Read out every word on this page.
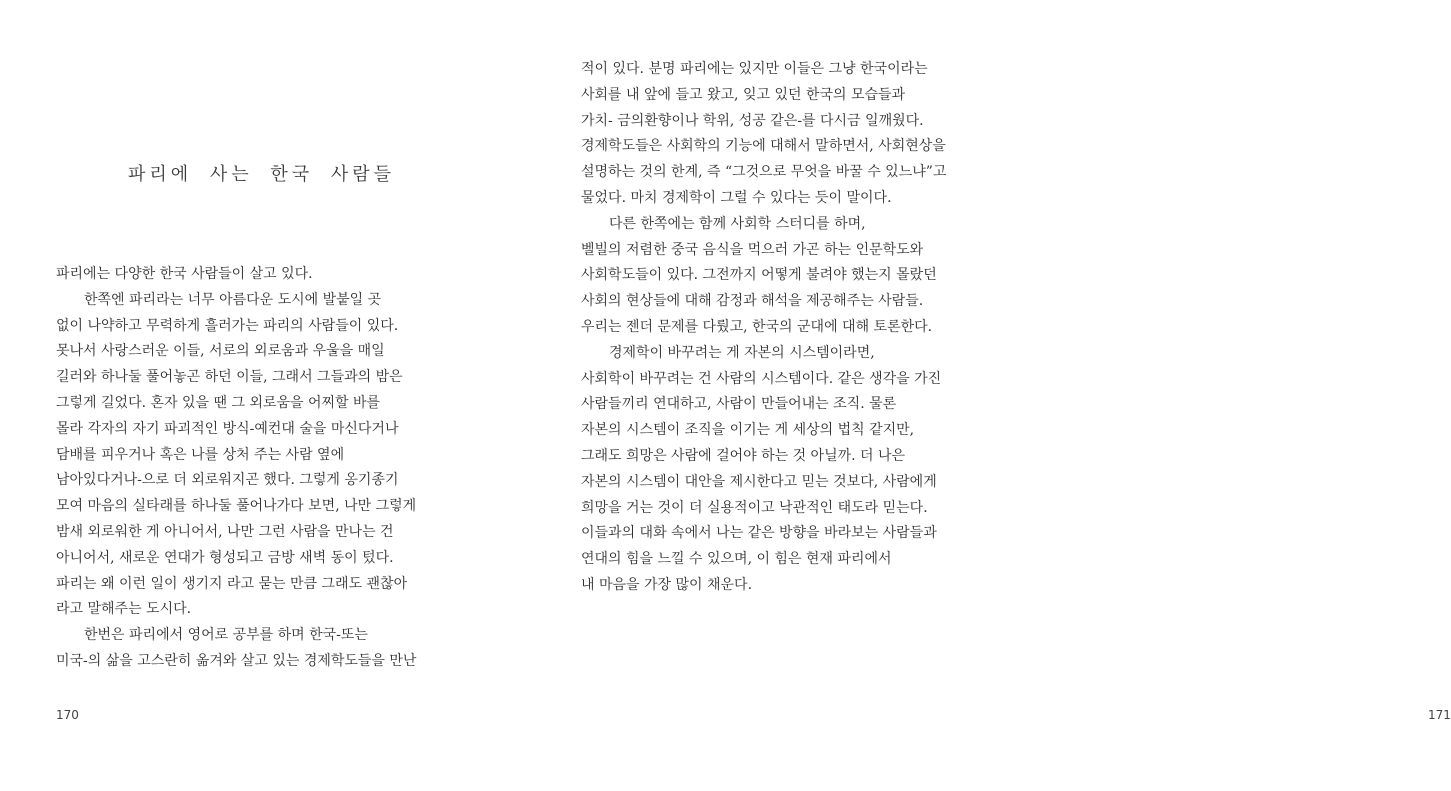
파리에 사는 한국 사람들
파리에는 다양한 한국 사람들이 살고 있다.
한쪽엔 파리라는 너무 아름다운 도시에 발붙일 곳
없이 나약하고 무력하게 흘러가는 파리의 사람들이 있다.
못나서 사랑스러운 이들, 서로의 외로움과 우울을 매일
길러와 하나둘 풀어놓곤 하던 이들, 그래서 그들과의 밤은
그렇게 길었다. 혼자 있을 땐 그 외로움을 어찌할 바를
몰라 각자의 자기 파괴적인 방식-예컨대 술을 마신다거나
담배를 피우거나 혹은 나를 상처 주는 사람 옆에
남아있다거나-으로 더 외로워지곤 했다. 그렇게 옹기종기
모여 마음의 실타래를 하나둘 풀어나가다 보면, 나만 그렇게
밤새 외로워한 게 아니어서, 나만 그런 사람을 만나는 건
아니어서, 새로운 연대가 형성되고 금방 새벽 동이 텄다.
파리는 왜 이런 일이 생기지 라고 묻는 만큼 그래도 괜찮아
라고 말해주는 도시다.
한번은 파리에서 영어로 공부를 하며 한국-또는
미국-의 삶을 고스란히 옮겨와 살고 있는 경제학도들을 만난
170	171
적이 있다. 분명 파리에는 있지만 이들은 그냥 한국이라는
사회를 내 앞에 들고 왔고, 잊고 있던 한국의 모습들과
가치- 금의환향이나 학위, 성공 같은-를 다시금 일깨웠다.
경제학도들은 사회학의 기능에 대해서 말하면서, 사회현상을
설명하는 것의 한계, 즉 “그것으로 무엇을 바꿀 수 있느냐”고
물었다. 마치 경제학이 그럴 수 있다는 듯이 말이다.
다른 한쪽에는 함께 사회학 스터디를 하며,
벨빌의 저렴한 중국 음식을 먹으러 가곤 하는 인문학도와
사회학도들이 있다. 그전까지 어떻게 불려야 했는지 몰랐던
사회의 현상들에 대해 감정과 해석을 제공해주는 사람들.
우리는 젠더 문제를 다뤘고, 한국의 군대에 대해 토론한다.
경제학이 바꾸려는 게 자본의 시스템이라면,
사회학이 바꾸려는 건 사람의 시스템이다. 같은 생각을 가진
사람들끼리 연대하고, 사람이 만들어내는 조직. 물론
자본의 시스템이 조직을 이기는 게 세상의 법칙 같지만,
그래도 희망은 사람에 걸어야 하는 것 아닐까. 더 나은
자본의 시스템이 대안을 제시한다고 믿는 것보다, 사람에게
희망을 거는 것이 더 실용적이고 낙관적인 태도라 믿는다.
이들과의 대화 속에서 나는 같은 방향을 바라보는 사람들과
연대의 힘을 느낄 수 있으며, 이 힘은 현재 파리에서
내 마음을 가장 많이 채운다.
